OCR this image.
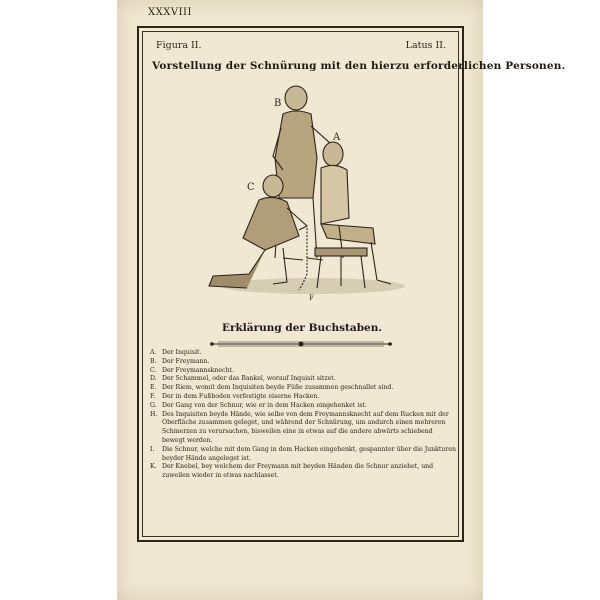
XXXVIII
Figura II.	Latus II.
Vorstellung der Schnürung mit den hierzu erforderlichen Personen.
B
A
C
F
Erklärung der Buchstaben.
A. Der Inquisit.
B. Der Freymann.
C. Der Freymannsknecht.
D. Der Schammel, oder das Bankel, worauf Inquisit sitzet.
E. Der Riem, womit dem Inquisiten beyde Füße zusammen geschnallet sind.
F.	Der in dem Fußboden verfestigte eiserne Hacken.
G. Der Gang von der Schnur, wie er in dem Hacken eingehenket ist.
H. Des Inquisiten beyde Hände, wie selbe von dem Freymannsknecht auf dem Rucken mit der Oberfläche zusammen geleget, und während der Schnürung, um andurch einen mehreren Schmerzen zu verursachen, bisweilen eine in etwas auf die andere abwärts schiebend bewegt werden.
I.	Die Schnur, welche mit dem Gang in dem Hacken eingehenkt, gespannter über die Junkturen beyder Hände angeleget ist.
K. Der Knebel, bey welchem der Freymann mit beyden Händen die Schnur anziehet, und zuweilen wieder in etwas nachlasset.
